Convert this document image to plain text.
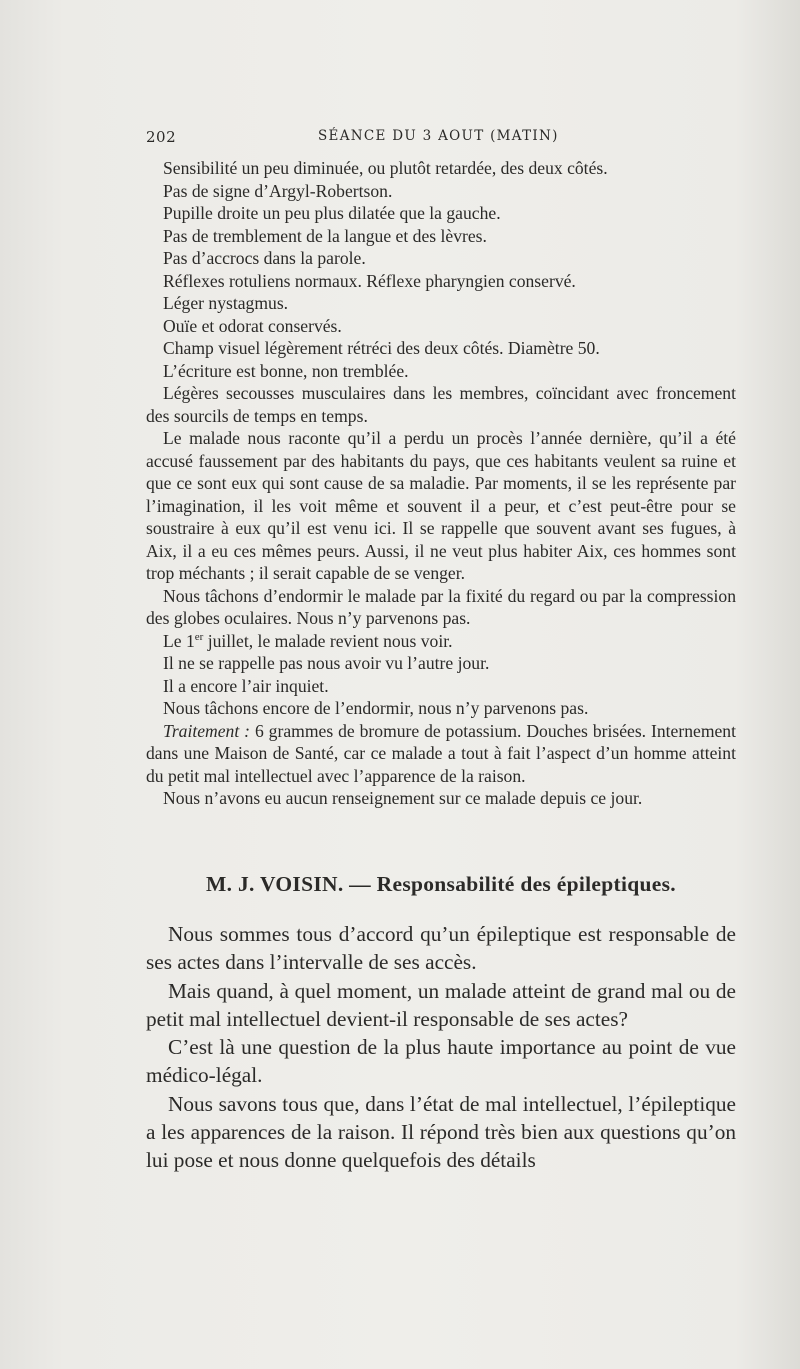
202	SÉANCE DU 3 AOUT (MATIN)

Sensibilité un peu diminuée, ou plutôt retardée, des deux côtés.

Pas de signe d’Argyl-Robertson.

Pupille droite un peu plus dilatée que la gauche.

Pas de tremblement de la langue et des lèvres.

Pas d’accrocs dans la parole.

Réflexes rotuliens normaux. Réflexe pharyngien conservé.

Léger nystagmus.

Ouïe et odorat conservés.

Champ visuel légèrement rétréci des deux côtés. Diamètre 50.

L’écriture est bonne, non tremblée.

Légères secousses musculaires dans les membres, coïncidant avec froncement des sourcils de temps en temps.

Le malade nous raconte qu’il a perdu un procès l’année dernière, qu’il a été accusé faussement par des habitants du pays, que ces habitants veulent sa ruine et que ce sont eux qui sont cause de sa maladie. Par moments, il se les représente par l’imagination, il les voit même et souvent il a peur, et c’est peut-être pour se soustraire à eux qu’il est venu ici. Il se rappelle que souvent avant ses fugues, à Aix, il a eu ces mêmes peurs. Aussi, il ne veut plus habiter Aix, ces hommes sont trop méchants ; il serait capable de se venger.

Nous tâchons d’endormir le malade par la fixité du regard ou par la compression des globes oculaires. Nous n’y parvenons pas.

Le 1er juillet, le malade revient nous voir.

Il ne se rappelle pas nous avoir vu l’autre jour.

Il a encore l’air inquiet.

Nous tâchons encore de l’endormir, nous n’y parvenons pas.

Traitement : 6 grammes de bromure de potassium. Douches brisées. Internement dans une Maison de Santé, car ce malade a tout à fait l’aspect d’un homme atteint du petit mal intellectuel avec l’apparence de la raison.

Nous n’avons eu aucun renseignement sur ce malade depuis ce jour.

M. J. VOISIN. — Responsabilité des épileptiques.

Nous sommes tous d’accord qu’un épileptique est responsable de ses actes dans l’intervalle de ses accès.

Mais quand, à quel moment, un malade atteint de grand mal ou de petit mal intellectuel devient-il responsable de ses actes?

C’est là une question de la plus haute importance au point de vue médico-légal.

Nous savons tous que, dans l’état de mal intellectuel, l’épileptique a les apparences de la raison. Il répond très bien aux questions qu’on lui pose et nous donne quelquefois des détails
